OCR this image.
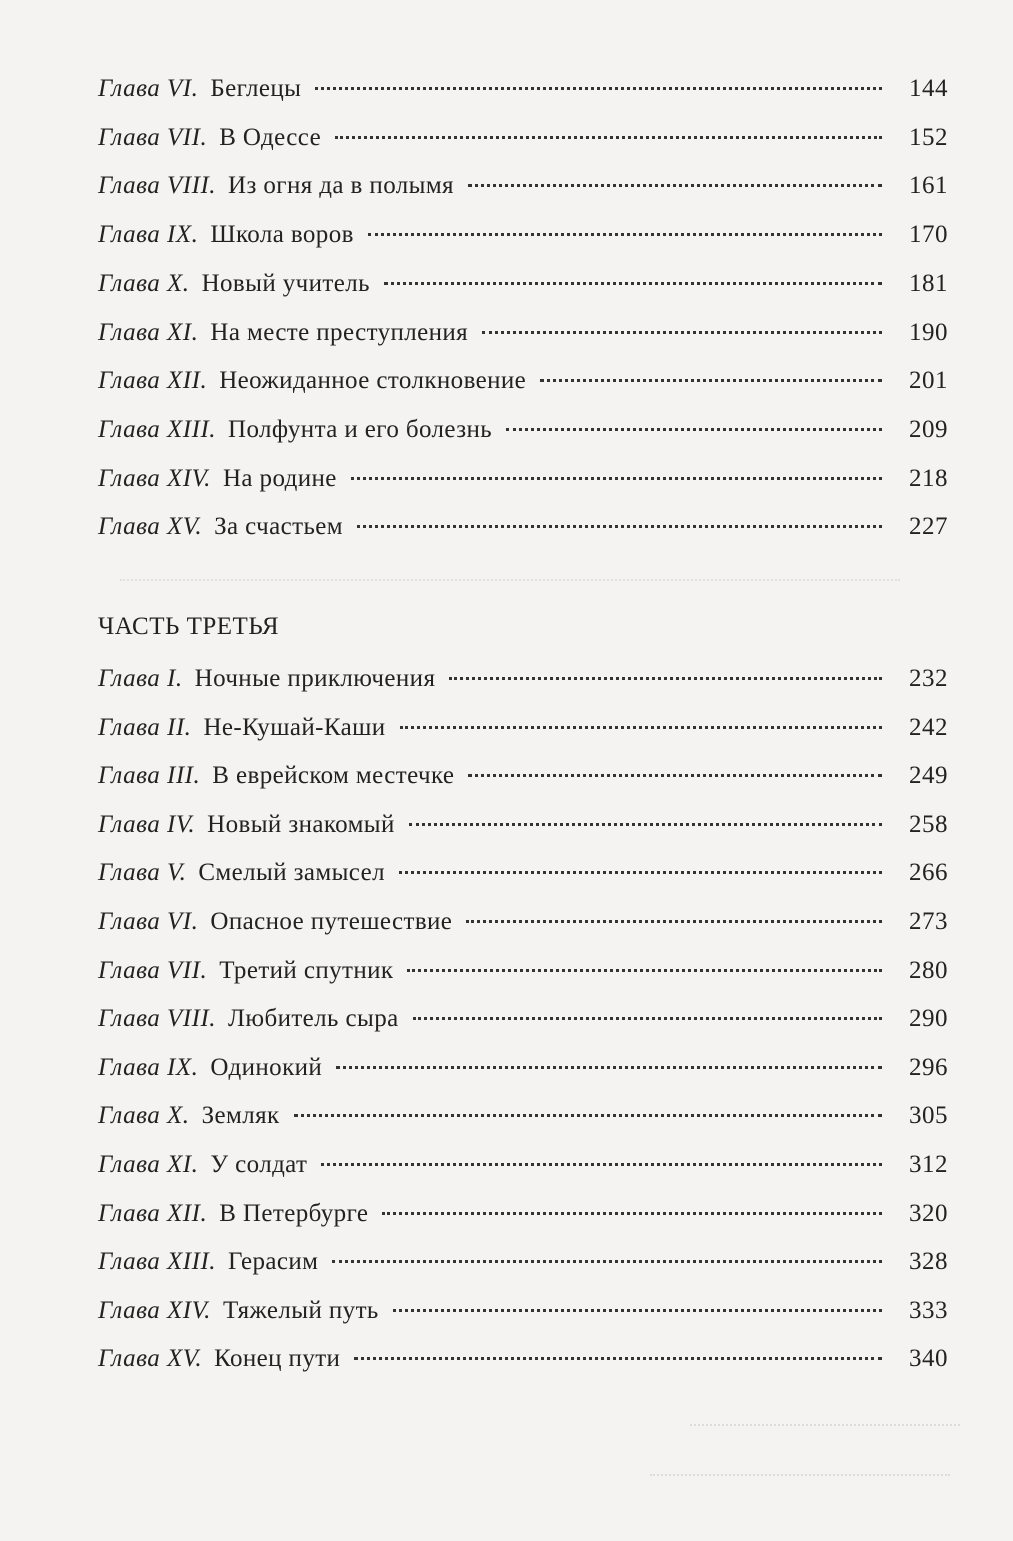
Глава VI. Беглецы	144
Глава VII. В Одессе	152
Глава VIII. Из огня да в полымя	161
Глава IX. Школа воров	170
Глава X. Новый учитель	181
Глава XI. На месте преступления	190
Глава XII. Неожиданное столкновение	201
Глава XIII. Полфунта и его болезнь	209
Глава XIV. На родине	218
Глава XV. За счастьем	227
ЧАСТЬ ТРЕТЬЯ
Глава I. Ночные приключения	232
Глава II. Не-Кушай-Каши	242
Глава III. В еврейском местечке	249
Глава IV. Новый знакомый	258
Глава V. Смелый замысел	266
Глава VI. Опасное путешествие	273
Глава VII. Третий спутник	280
Глава VIII. Любитель сыра	290
Глава IX. Одинокий	296
Глава X. Земляк	305
Глава XI. У солдат	312
Глава XII. В Петербурге	320
Глава XIII. Герасим	328
Глава XIV. Тяжелый путь	333
Глава XV. Конец пути	340
